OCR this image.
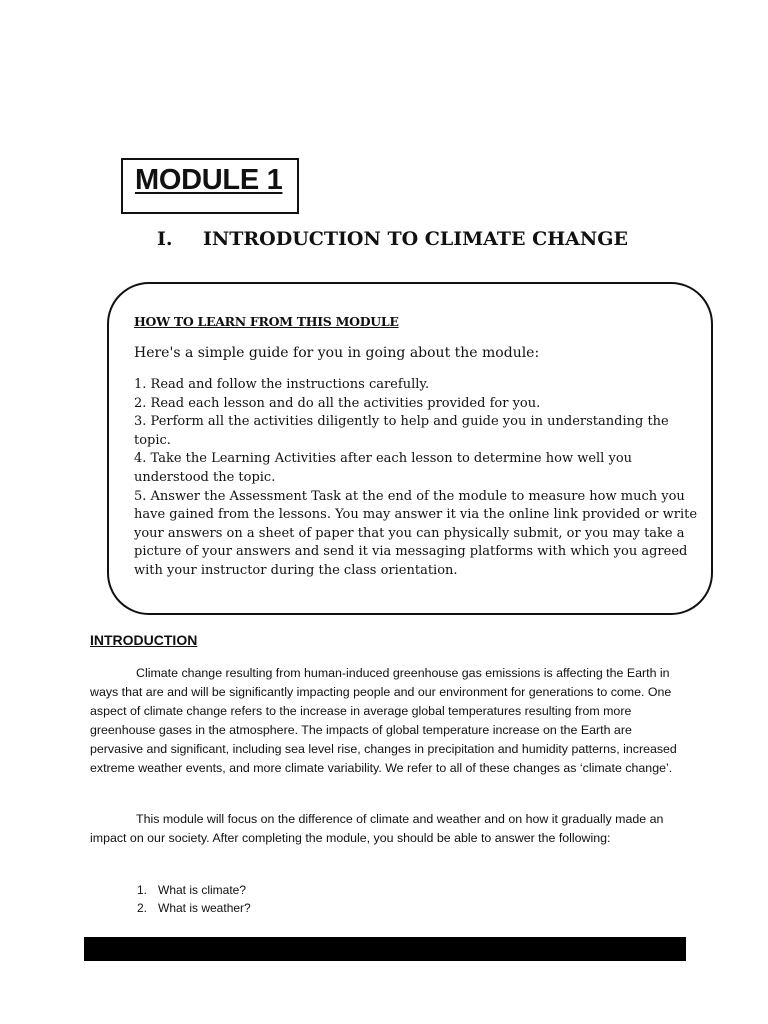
MODULE 1
I. INTRODUCTION TO CLIMATE CHANGE
HOW TO LEARN FROM THIS MODULE
Here's a simple guide for you in going about the module:
1. Read and follow the instructions carefully.
2. Read each lesson and do all the activities provided for you.
3. Perform all the activities diligently to help and guide you in understanding the topic.
4. Take the Learning Activities after each lesson to determine how well you understood the topic.
5. Answer the Assessment Task at the end of the module to measure how much you have gained from the lessons. You may answer it via the online link provided or write your answers on a sheet of paper that you can physically submit, or you may take a picture of your answers and send it via messaging platforms with which you agreed with your instructor during the class orientation.
INTRODUCTION

Climate change resulting from human-induced greenhouse gas emissions is affecting the Earth in ways that are and will be significantly impacting people and our environment for generations to come. One aspect of climate change refers to the increase in average global temperatures resulting from more greenhouse gases in the atmosphere. The impacts of global temperature increase on the Earth are pervasive and significant, including sea level rise, changes in precipitation and humidity patterns, increased extreme weather events, and more climate variability. We refer to all of these changes as ‘climate change’.

This module will focus on the difference of climate and weather and on how it gradually made an impact on our society. After completing the module, you should be able to answer the following:

1. What is climate?
2. What is weather?
